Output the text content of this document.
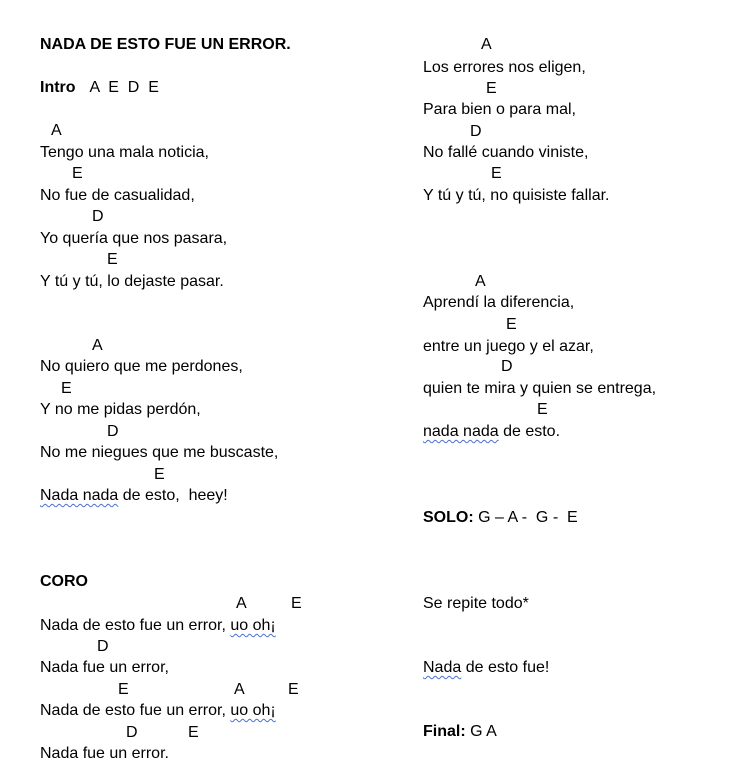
NADA DE ESTO FUE UN ERROR.
Intro A  E  D  E
A
Tengo una mala noticia,
E
No fue de casualidad,
D
Yo quería que nos pasara,
E
Y tú y tú, lo dejaste pasar.
A
No quiero que me perdones,
E
Y no me pidas perdón,
D
No me niegues que me buscaste,
E
Nada nada de esto,  heey!
CORO
A	E
Nada de esto fue un error, uo oh¡
D
Nada fue un error,
E	A	E
Nada de esto fue un error, uo oh¡
D	E
Nada fue un error.
A
Los errores nos eligen,
E
Para bien o para mal,
D
No fallé cuando viniste,
E
Y tú y tú, no quisiste fallar.
A
Aprendí la diferencia,
E
entre un juego y el azar,
D
quien te mira y quien se entrega,
E
nada nada de esto.
SOLO: G – A -  G -  E
Se repite todo*
Nada de esto fue!
Final: G A
